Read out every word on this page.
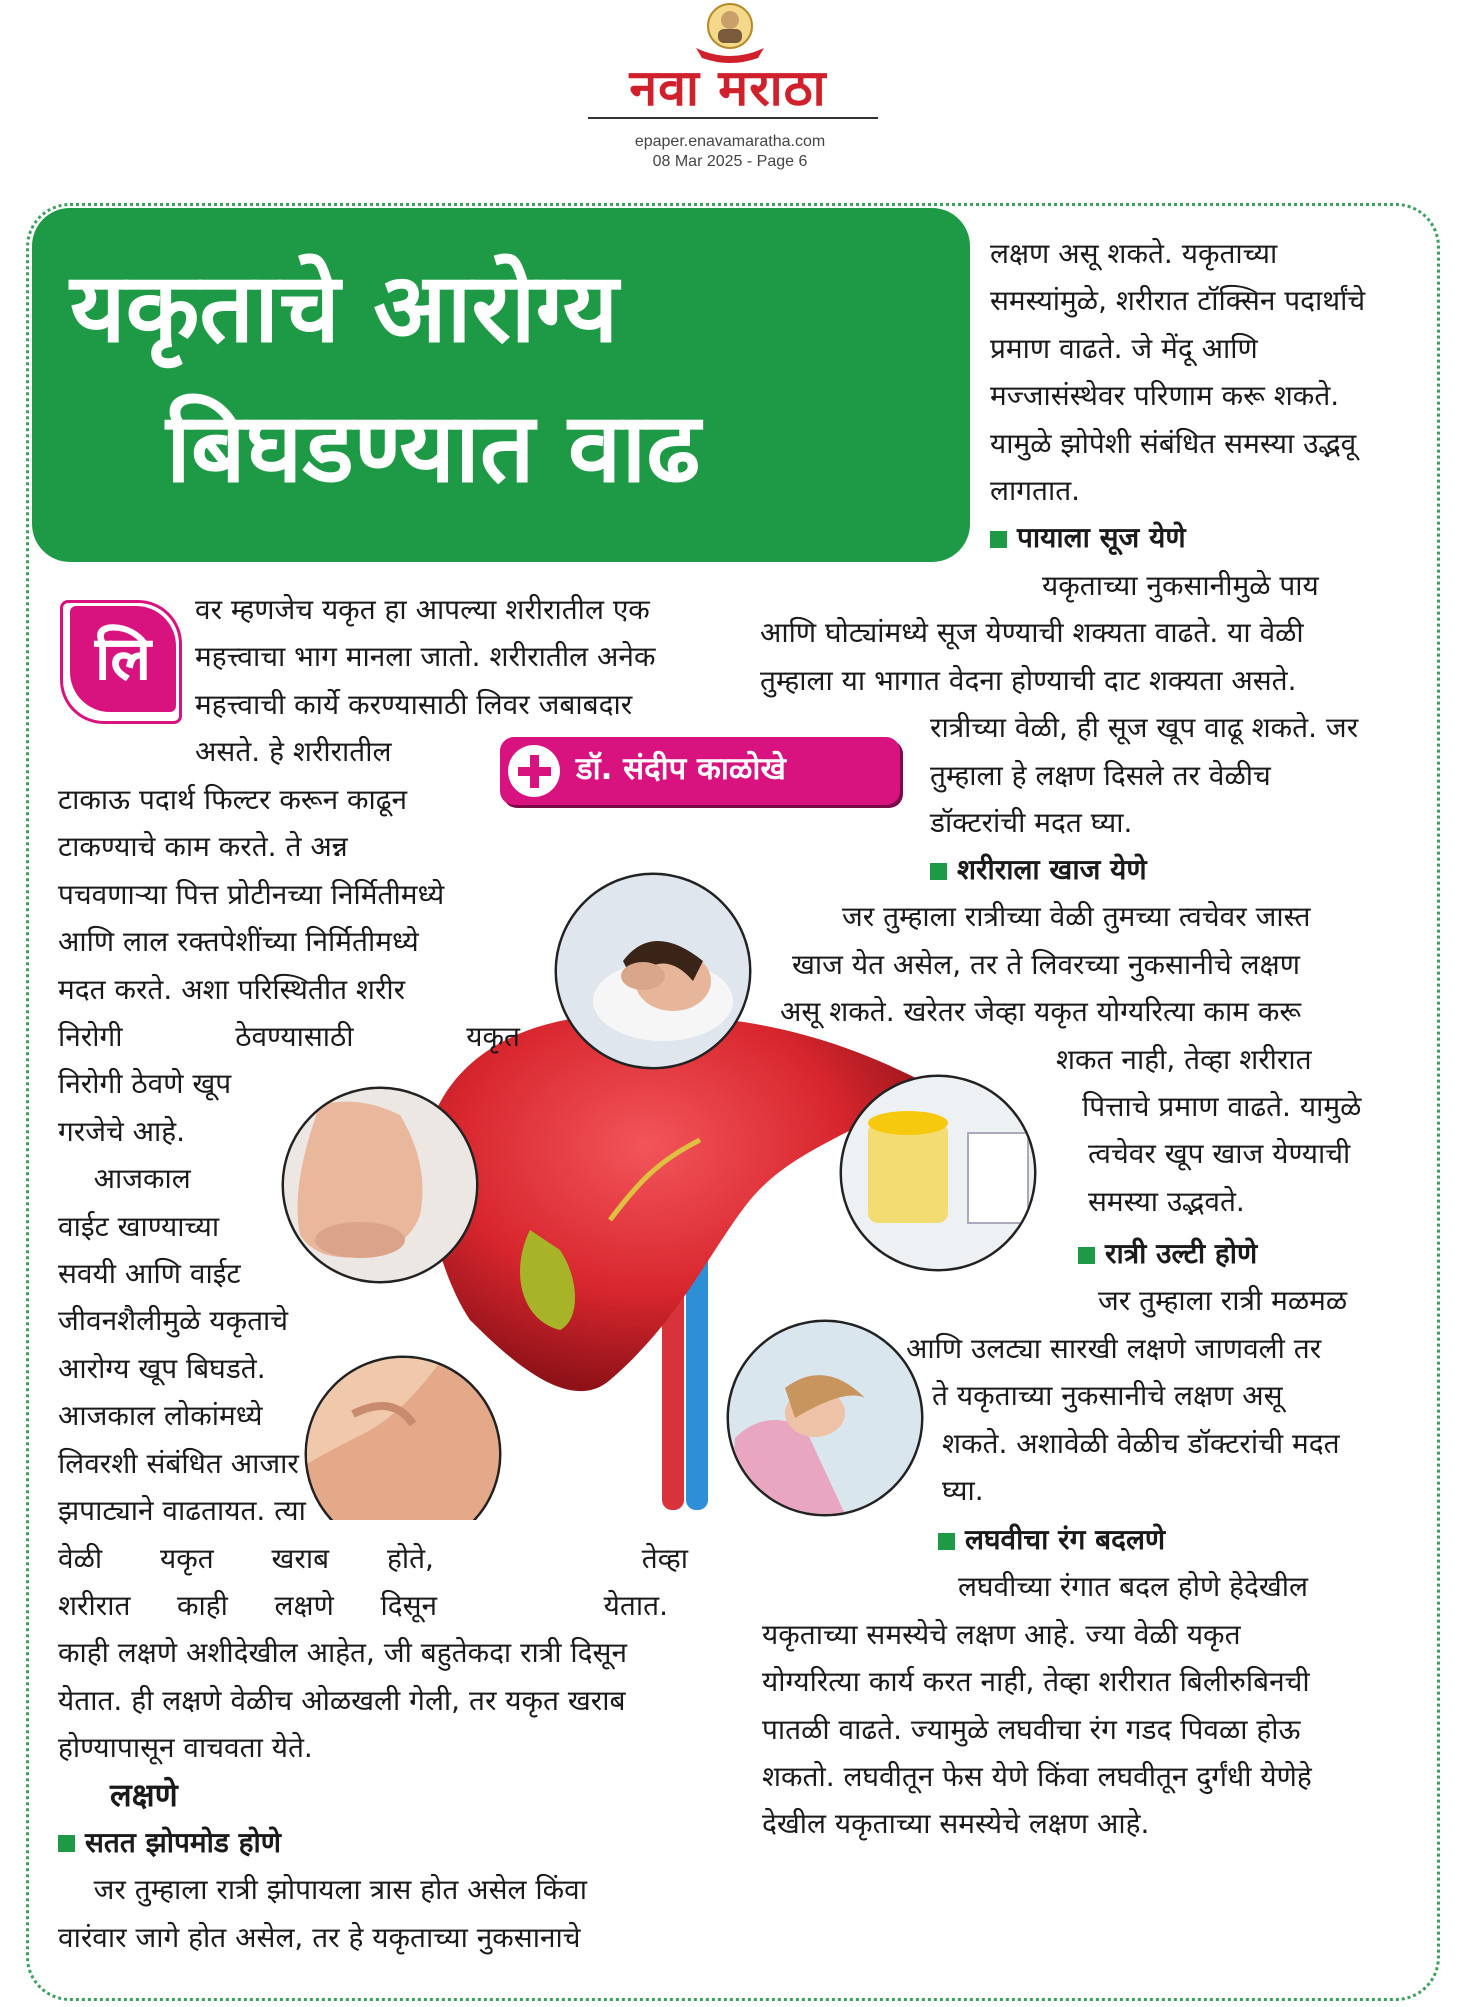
नवा मराठा
epaper.enavamaratha.com
08 Mar 2025 - Page 6
यकृताचे आरोग्य
बिघडण्यात वाढ
लि
डॉ. संदीप काळोखे
वर म्हणजेच यकृत हा आपल्या शरीरातील एक
महत्त्वाचा भाग मानला जातो. शरीरातील अनेक
महत्त्वाची कार्ये करण्यासाठी लिवर जबाबदार
असते. हे शरीरातील
टाकाऊ पदार्थ फिल्टर करून काढून
टाकण्याचे काम करते. ते अन्न
पचवणाऱ्या पित्त प्रोटीनच्या निर्मितीमध्ये
आणि लाल रक्तपेशींच्या निर्मितीमध्ये
मदत करते. अशा परिस्थितीत शरीर
निरोगी	ठेवण्यासाठी	यकृत
निरोगी ठेवणे खूप
गरजेचे आहे.
आजकाल
वाईट खाण्याच्या
सवयी आणि वाईट
जीवनशैलीमुळे यकृताचे
आरोग्य खूप बिघडते.
आजकाल लोकांमध्ये
लिवरशी संबंधित आजार
झपाट्याने वाढतायत. त्या
वेळी यकृत खराब होते,	तेव्हा
शरीरात काही लक्षणे दिसून	येतात.
काही लक्षणे अशीदेखील आहेत, जी बहुतेकदा रात्री दिसून
येतात. ही लक्षणे वेळीच ओळखली गेली, तर यकृत खराब
होण्यापासून वाचवता येते.
लक्षणे
सतत झोपमोड होणे
जर तुम्हाला रात्री झोपायला त्रास होत असेल किंवा
वारंवार जागे होत असेल, तर हे यकृताच्या नुकसानाचे
लक्षण असू शकते. यकृताच्या
समस्यांमुळे, शरीरात टॉक्सिन पदार्थांचे
प्रमाण वाढते. जे मेंदू आणि
मज्जासंस्थेवर परिणाम करू शकते.
यामुळे झोपेशी संबंधित समस्या उद्भवू
लागतात.
पायाला सूज येणे
यकृताच्या नुकसानीमुळे पाय
आणि घोट्यांमध्ये सूज येण्याची शक्यता वाढते. या वेळी
तुम्हाला या भागात वेदना होण्याची दाट शक्यता असते.
रात्रीच्या वेळी, ही सूज खूप वाढू शकते. जर
तुम्हाला हे लक्षण दिसले तर वेळीच
डॉक्टरांची मदत घ्या.
शरीराला खाज येणे
जर तुम्हाला रात्रीच्या वेळी तुमच्या त्वचेवर जास्त
खाज येत असेल, तर ते लिवरच्या नुकसानीचे लक्षण
असू शकते. खरेतर जेव्हा यकृत योग्यरित्या काम करू
शकत नाही, तेव्हा शरीरात
पित्ताचे प्रमाण वाढते. यामुळे
त्वचेवर खूप खाज येण्याची
समस्या उद्भवते.
रात्री उल्टी होणे
जर तुम्हाला रात्री मळमळ
आणि उलट्या सारखी लक्षणे जाणवली तर
ते यकृताच्या नुकसानीचे लक्षण असू
शकते. अशावेळी वेळीच डॉक्टरांची मदत
घ्या.
लघवीचा रंग बदलणे
लघवीच्या रंगात बदल होणे हेदेखील
यकृताच्या समस्येचे लक्षण आहे. ज्या वेळी यकृत
योग्यरित्या कार्य करत नाही, तेव्हा शरीरात बिलीरुबिनची
पातळी वाढते. ज्यामुळे लघवीचा रंग गडद पिवळा होऊ
शकतो. लघवीतून फेस येणे किंवा लघवीतून दुर्गंधी येणेहे
देखील यकृताच्या समस्येचे लक्षण आहे.
